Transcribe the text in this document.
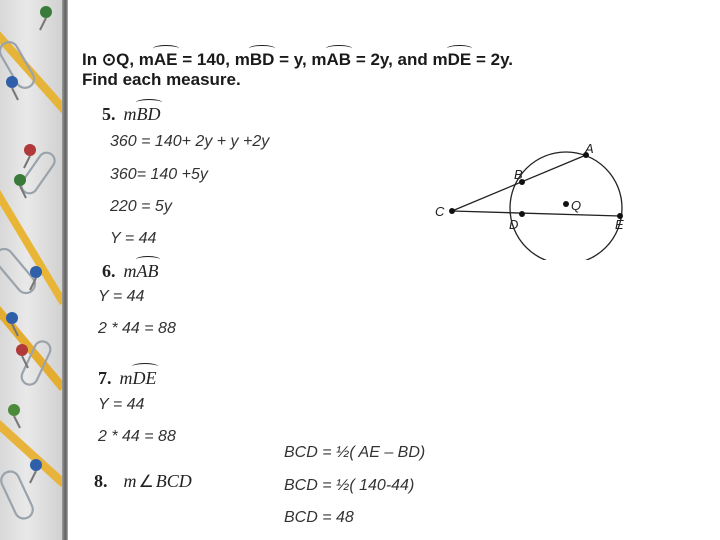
In ⊙Q, mAE = 140, mBD = y, mAB = 2y, and mDE = 2y.
Find each measure.
5. mBD
360 = 140+ 2y + y +2y
360= 140 +5y
220 = 5y
Y = 44
6. mAB
Y = 44
2 * 44 = 88
7. mDE
Y = 44
2 * 44 = 88
8. m ∠ BCD
BCD = ½( AE – BD)
BCD = ½( 140-44)
BCD = 48
A
B
C
D	E
Q
